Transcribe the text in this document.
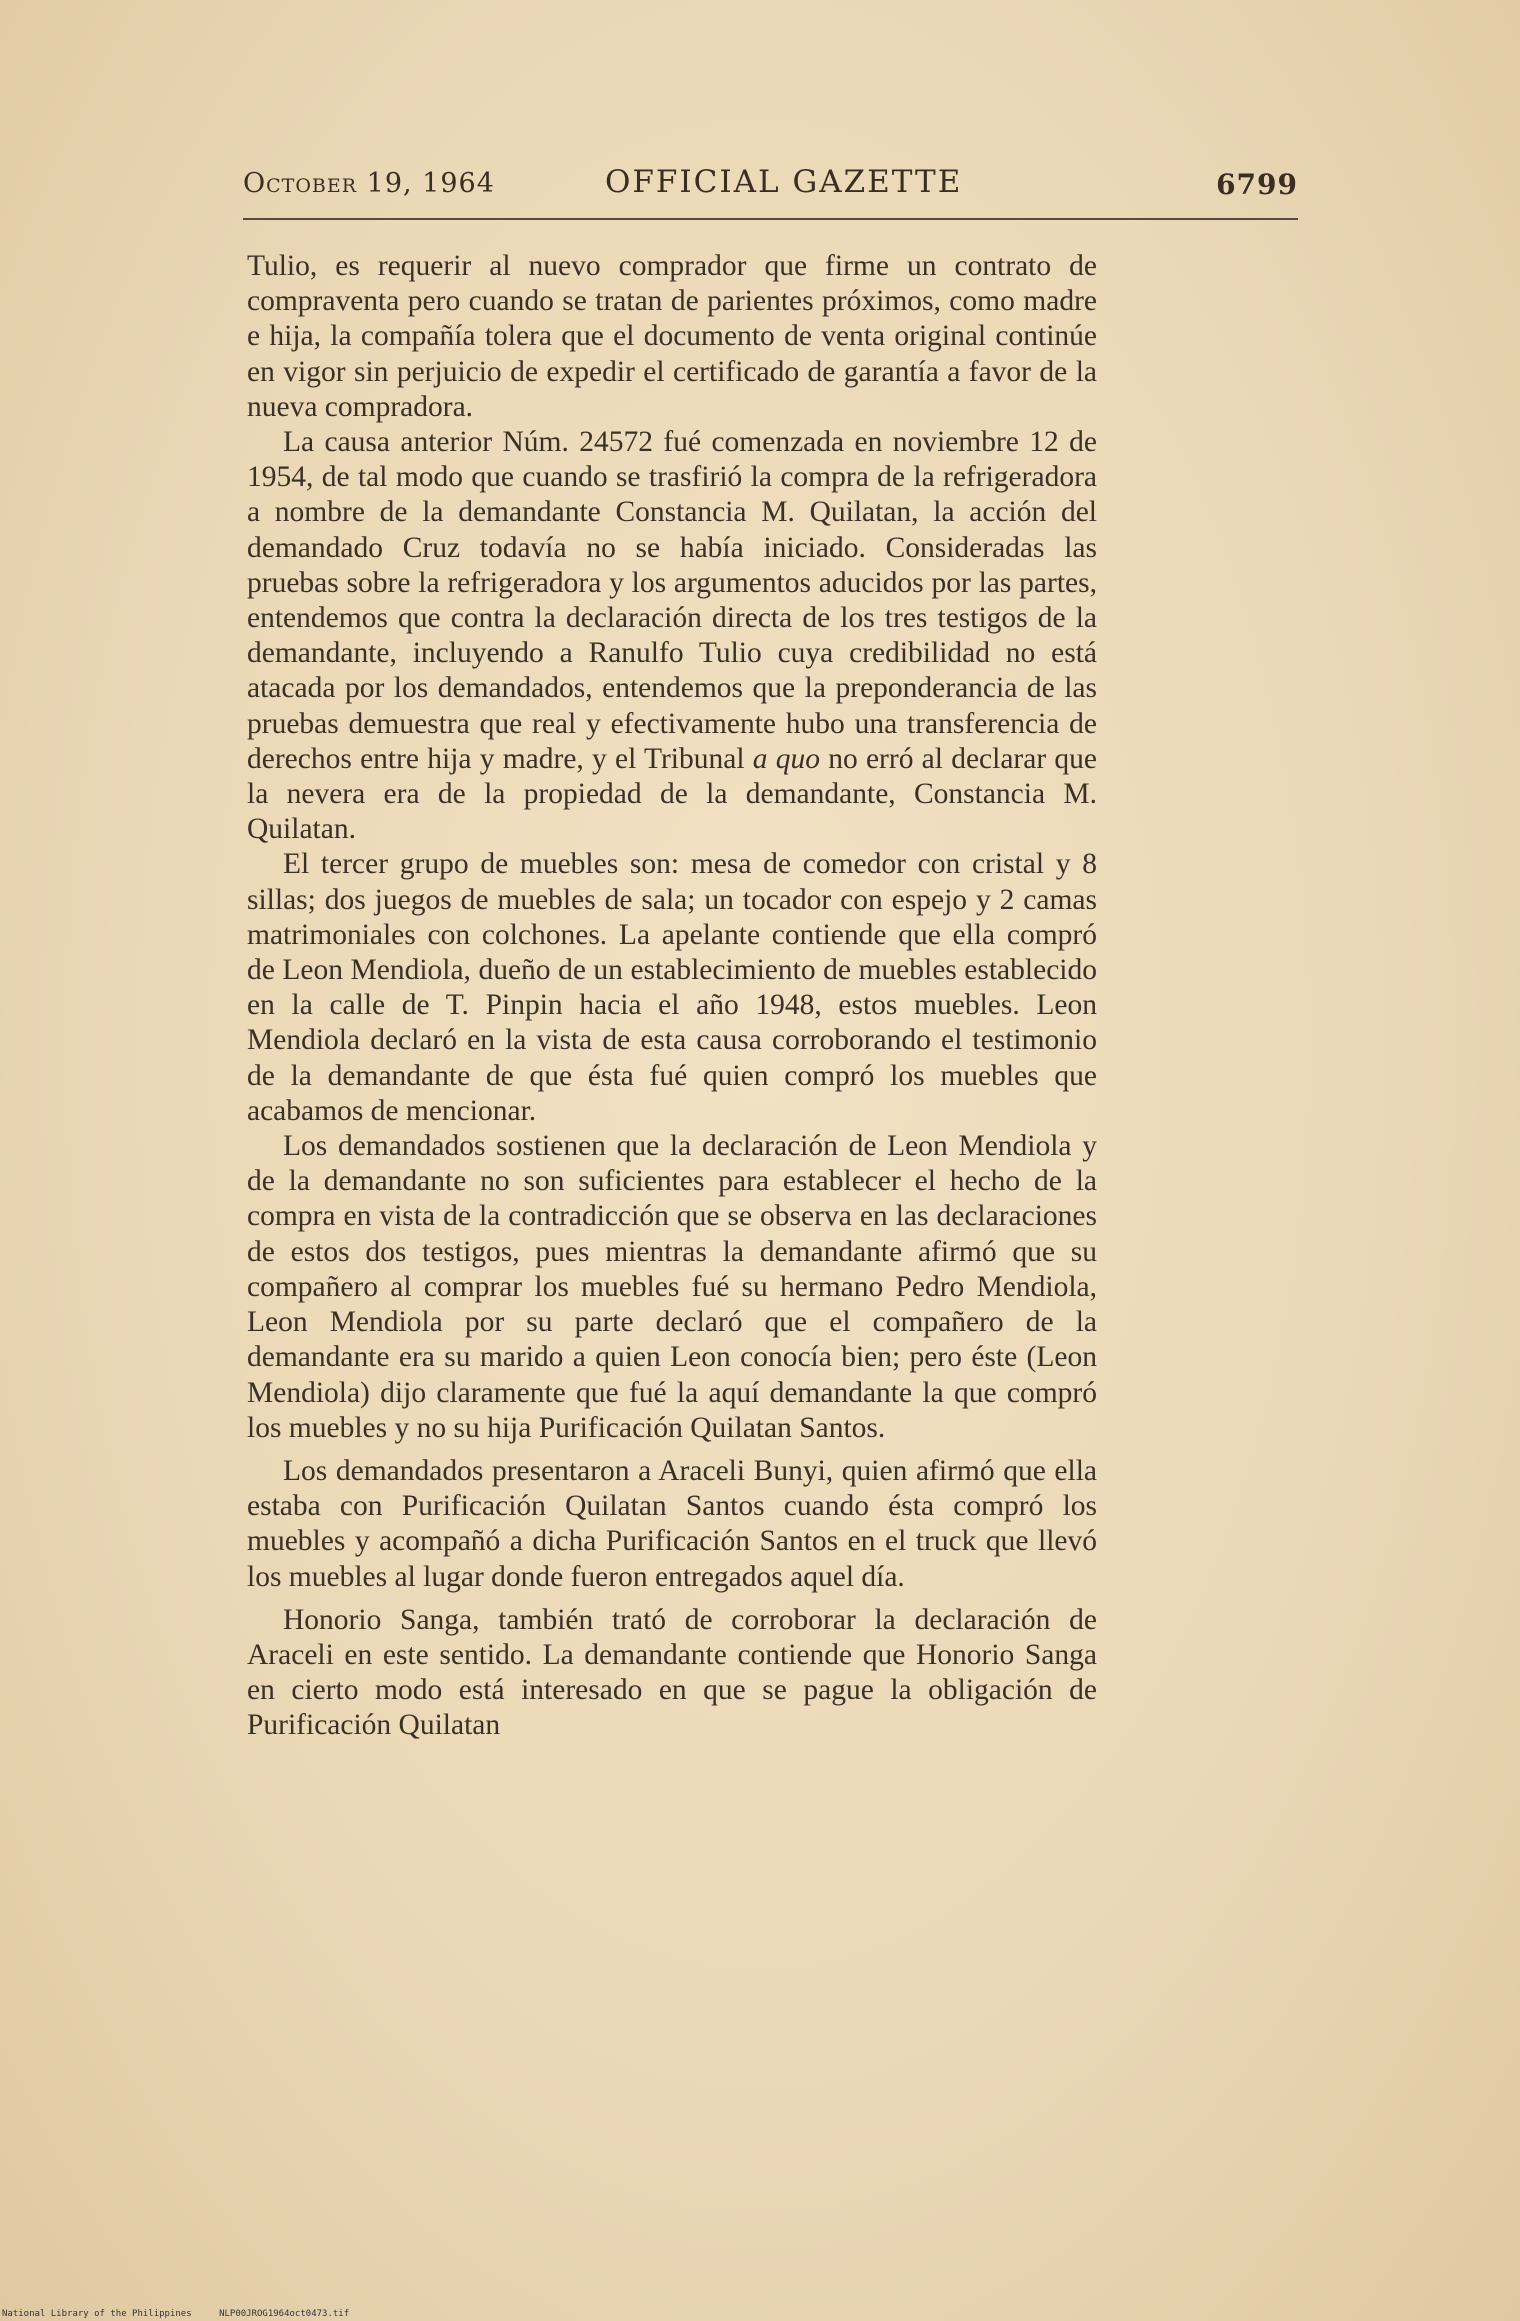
October 19, 1964	OFFICIAL GAZETTE	6799

Tulio, es requerir al nuevo comprador que firme un contrato de compraventa pero cuando se tratan de parientes próximos, como madre e hija, la compañía tolera que el documento de venta original continúe en vigor sin perjuicio de expedir el certificado de garantía a favor de la nueva compradora.

La causa anterior Núm. 24572 fué comenzada en noviembre 12 de 1954, de tal modo que cuando se trasfirió la compra de la refrigeradora a nombre de la demandante Constancia M. Quilatan, la acción del demandado Cruz todavía no se había iniciado. Consideradas las pruebas sobre la refrigeradora y los argumentos aducidos por las partes, entendemos que contra la declaración directa de los tres testigos de la demandante, incluyendo a Ranulfo Tulio cuya credibilidad no está atacada por los demandados, entendemos que la preponderancia de las pruebas demuestra que real y efectivamente hubo una transferencia de derechos entre hija y madre, y el Tribunal a quo no erró al declarar que la nevera era de la propiedad de la demandante, Constancia M. Quilatan.

El tercer grupo de muebles son: mesa de comedor con cristal y 8 sillas; dos juegos de muebles de sala; un tocador con espejo y 2 camas matrimoniales con colchones. La apelante contiende que ella compró de Leon Mendiola, dueño de un establecimiento de muebles establecido en la calle de T. Pinpin hacia el año 1948, estos muebles. Leon Mendiola declaró en la vista de esta causa corroborando el testimonio de la demandante de que ésta fué quien compró los muebles que acabamos de mencionar.

Los demandados sostienen que la declaración de Leon Mendiola y de la demandante no son suficientes para establecer el hecho de la compra en vista de la contradicción que se observa en las declaraciones de estos dos testigos, pues mientras la demandante afirmó que su compañero al comprar los muebles fué su hermano Pedro Mendiola, Leon Mendiola por su parte declaró que el compañero de la demandante era su marido a quien Leon conocía bien; pero éste (Leon Mendiola) dijo claramente que fué la aquí demandante la que compró los muebles y no su hija Purificación Quilatan Santos.

Los demandados presentaron a Araceli Bunyi, quien afirmó que ella estaba con Purificación Quilatan Santos cuando ésta compró los muebles y acompañó a dicha Purificación Santos en el truck que llevó los muebles al lugar donde fueron entregados aquel día.

Honorio Sanga, también trató de corroborar la declaración de Araceli en este sentido. La demandante contiende que Honorio Sanga en cierto modo está interesado en que se pague la obligación de Purificación Quilatan

National Library of the Philippines	NLP00JROG1964oct0473.tif
